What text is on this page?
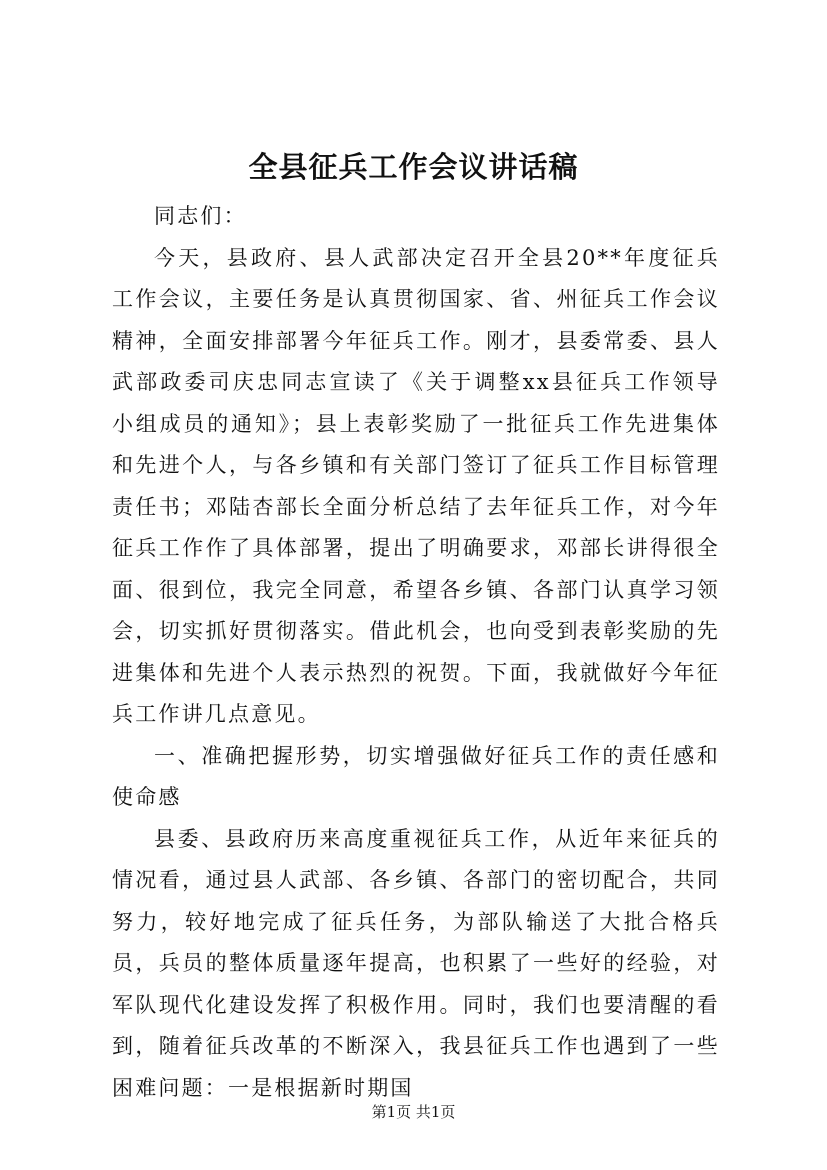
全县征兵工作会议讲话稿

同志们：

今天，县政府、县人武部决定召开全县20**年度征兵工作会议，主要任务是认真贯彻国家、省、州征兵工作会议精神，全面安排部署今年征兵工作。刚才，县委常委、县人武部政委司庆忠同志宣读了《关于调整xx县征兵工作领导小组成员的通知》；县上表彰奖励了一批征兵工作先进集体和先进个人，与各乡镇和有关部门签订了征兵工作目标管理责任书；邓陆杏部长全面分析总结了去年征兵工作，对今年征兵工作作了具体部署，提出了明确要求，邓部长讲得很全面、很到位，我完全同意，希望各乡镇、各部门认真学习领会，切实抓好贯彻落实。借此机会，也向受到表彰奖励的先进集体和先进个人表示热烈的祝贺。下面，我就做好今年征兵工作讲几点意见。

一、准确把握形势，切实增强做好征兵工作的责任感和使命感

县委、县政府历来高度重视征兵工作，从近年来征兵的情况看，通过县人武部、各乡镇、各部门的密切配合，共同努力，较好地完成了征兵任务，为部队输送了大批合格兵员，兵员的整体质量逐年提高，也积累了一些好的经验，对军队现代化建设发挥了积极作用。同时，我们也要清醒的看到，随着征兵改革的不断深入，我县征兵工作也遇到了一些困难问题：一是根据新时期国

第1页 共1页
